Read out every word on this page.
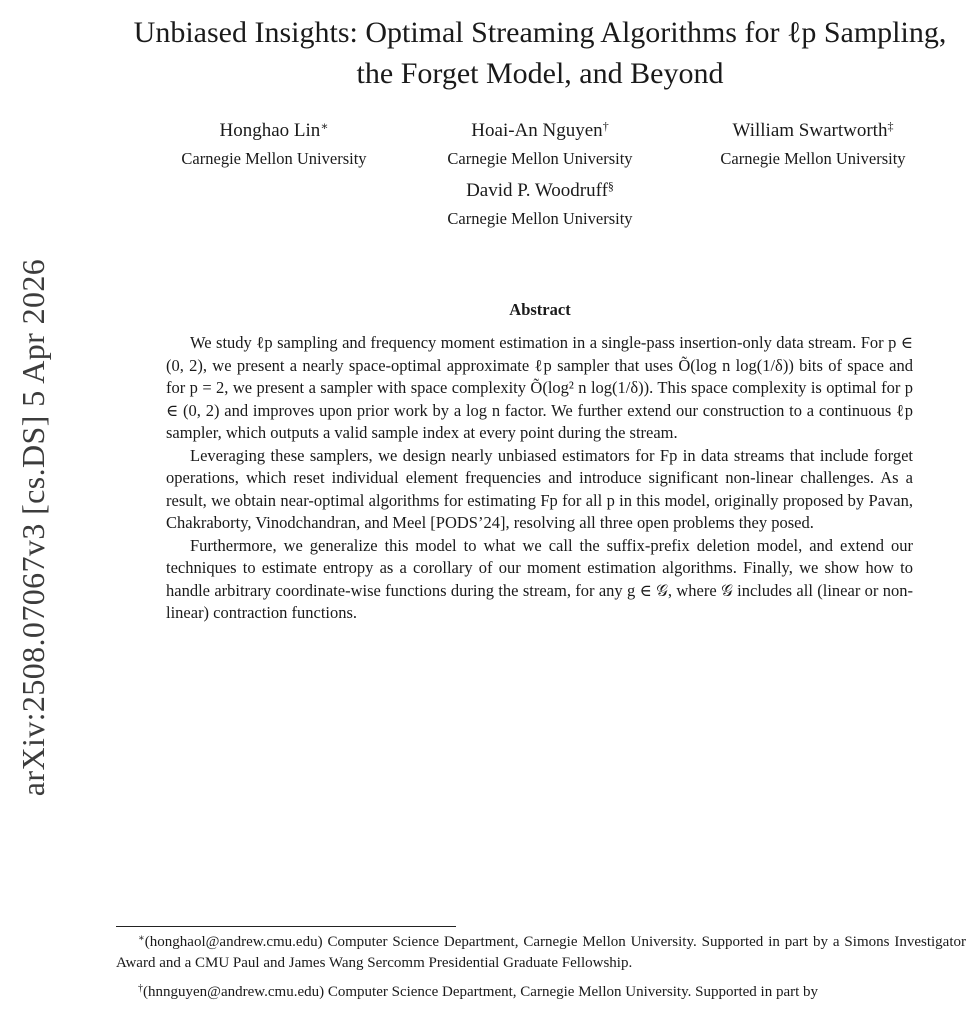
arXiv:2508.07067v3 [cs.DS] 5 Apr 2026
Unbiased Insights: Optimal Streaming Algorithms for ℓp Sampling,
the Forget Model, and Beyond
Honghao Lin∗
Carnegie Mellon University
Hoai-An Nguyen†
Carnegie Mellon University
William Swartworth‡
Carnegie Mellon University
David P. Woodruff§
Carnegie Mellon University
Abstract

We study ℓp sampling and frequency moment estimation in a single-pass insertion-only data stream. For p ∈ (0, 2), we present a nearly space-optimal approximate ℓp sampler that uses Õ(log n log(1/δ)) bits of space and for p = 2, we present a sampler with space complexity Õ(log² n log(1/δ)). This space complexity is optimal for p ∈ (0, 2) and improves upon prior work by a log n factor. We further extend our construction to a continuous ℓp sampler, which outputs a valid sample index at every point during the stream.

Leveraging these samplers, we design nearly unbiased estimators for Fp in data streams that include forget operations, which reset individual element frequencies and introduce significant non-linear challenges. As a result, we obtain near-optimal algorithms for estimating Fp for all p in this model, originally proposed by Pavan, Chakraborty, Vinodchandran, and Meel [PODS’24], resolving all three open problems they posed.

Furthermore, we generalize this model to what we call the suffix-prefix deletion model, and extend our techniques to estimate entropy as a corollary of our moment estimation algorithms. Finally, we show how to handle arbitrary coordinate-wise functions during the stream, for any g ∈ 𝒢, where 𝒢 includes all (linear or non-linear) contraction functions.

∗(honghaol@andrew.cmu.edu) Computer Science Department, Carnegie Mellon University. Supported in part by a Simons Investigator Award and a CMU Paul and James Wang Sercomm Presidential Graduate Fellowship.

†(hnnguyen@andrew.cmu.edu) Computer Science Department, Carnegie Mellon University. Supported in part by
